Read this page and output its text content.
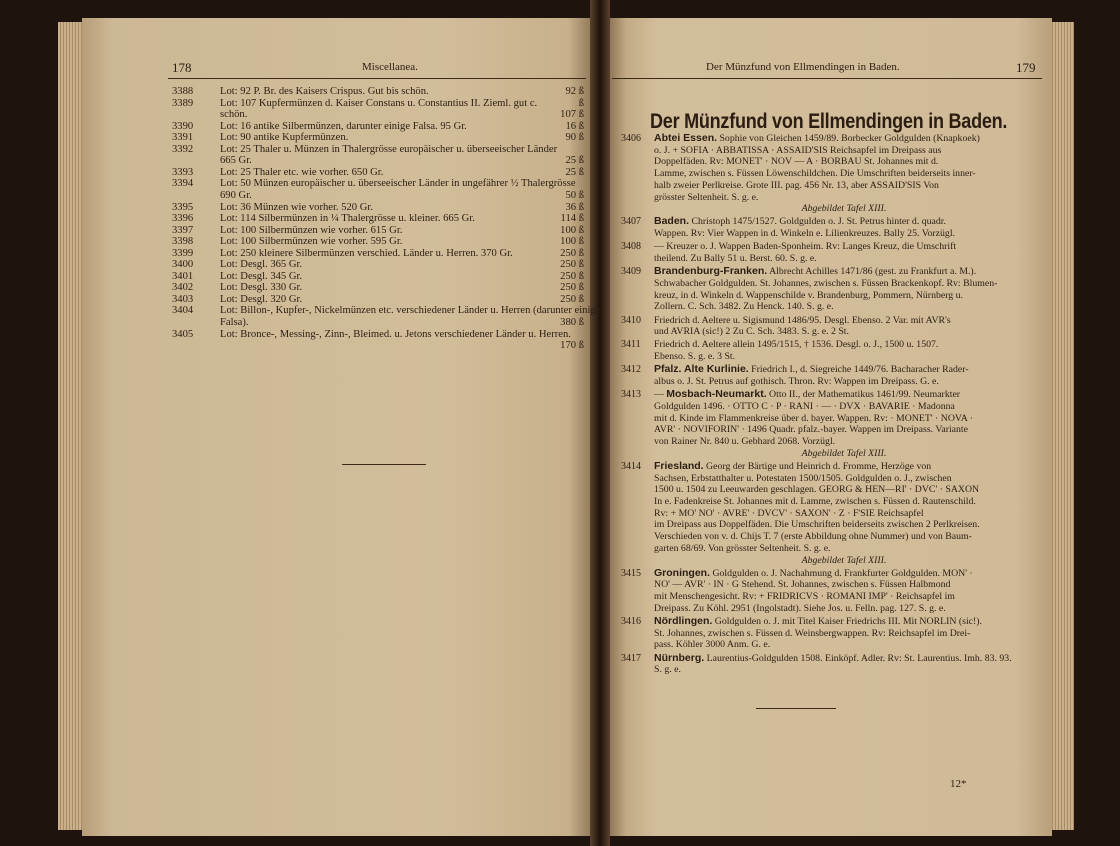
178	Miscellanea.
3388	Lot: 92 P. Br. des Kaisers Crispus. Gut bis schön.	92 ß
3389	Lot: 107 Kupfermünzen d. Kaiser Constans u. Constantius II. Zieml. gut c.	ß
schön.	107 ß
3390	Lot: 16 antike Silbermünzen, darunter einige Falsa. 95 Gr.	16 ß
3391	Lot: 90 antike Kupfermünzen.	90 ß
3392	Lot: 25 Thaler u. Münzen in Thalergrösse europäischer u. überseeischer Länder
665 Gr.	25 ß
3393	Lot: 25 Thaler etc. wie vorher. 650 Gr.	25 ß
3394	Lot: 50 Münzen europäischer u. überseeischer Länder in ungefährer ½ Thalergrösse
690 Gr.	50 ß
3395	Lot: 36 Münzen wie vorher. 520 Gr.	36 ß
3396	Lot: 114 Silbermünzen in ¼ Thalergrösse u. kleiner. 665 Gr.	114 ß
3397	Lot: 100 Silbermünzen wie vorher. 615 Gr.	100 ß
3398	Lot: 100 Silbermünzen wie vorher. 595 Gr.	100 ß
3399	Lot: 250 kleinere Silbermünzen verschied. Länder u. Herren. 370 Gr.	250 ß
3400	Lot: Desgl. 365 Gr.	250 ß
3401	Lot: Desgl. 345 Gr.	250 ß
3402	Lot: Desgl. 330 Gr.	250 ß
3403	Lot: Desgl. 320 Gr.	250 ß
3404	Lot: Billon-, Kupfer-, Nickelmünzen etc. verschiedener Länder u. Herren (darunter einige
Falsa).	380 ß
3405	Lot: Bronce-, Messing-, Zinn-, Bleimed. u. Jetons verschiedener Länder u. Herren.
170 ß
Der Münzfund von Ellmendingen in Baden.	179
Der Münzfund von Ellmendingen in Baden.
3406 Abtei Essen. Sophie von Gleichen 1459/89. Borbecker Goldgulden (Knapkoek)
o. J. + SOFIA · ABBATISSA · ASSAID'SIS Reichsapfel im Dreipass aus
Doppelfäden. Rv: MONET' · NOV — A · BORBAU St. Johannes mit d.
Lamme, zwischen s. Füssen Löwenschildchen. Die Umschriften beiderseits inner-
halb zweier Perlkreise. Grote III. pag. 456 Nr. 13, aber ASSAID'SIS Von
grösster Seltenheit. S. g. e.
Abgebildet Tafel XIII.
3407 Baden. Christoph 1475/1527. Goldgulden o. J. St. Petrus hinter d. quadr.
Wappen. Rv: Vier Wappen in d. Winkeln e. Lilienkreuzes. Bally 25. Vorzügl.
3408 — Kreuzer o. J. Wappen Baden-Sponheim. Rv: Langes Kreuz, die Umschrift
theilend. Zu Bally 51 u. Berst. 60. S. g. e.
3409 Brandenburg-Franken. Albrecht Achilles 1471/86 (gest. zu Frankfurt a. M.).
Schwabacher Goldgulden. St. Johannes, zwischen s. Füssen Brackenkopf. Rv: Blumen-
kreuz, in d. Winkeln d. Wappenschilde v. Brandenburg, Pommern, Nürnberg u.
Zollern. C. Sch. 3482. Zu Henck. 140. S. g. e.
3410 Friedrich d. Aeltere u. Sigismund 1486/95. Desgl. Ebenso. 2 Var. mit AVR's
und AVRIA (sic!) 2 Zu C. Sch. 3483. S. g. e. 2 St.
3411 Friedrich d. Aeltere allein 1495/1515, † 1536. Desgl. o. J., 1500 u. 1507.
Ebenso. S. g. e. 3 St.
3412 Pfalz. Alte Kurlinie. Friedrich I., d. Siegreiche 1449/76. Bacharacher Rader-
albus o. J. St. Petrus auf gothisch. Thron. Rv: Wappen im Dreipass. G. e.
3413 — Mosbach-Neumarkt. Otto II., der Mathematikus 1461/99. Neumarkter
Goldgulden 1496. · OTTO C · P · RANI · — · DVX · BAVARIE · Madonna
mit d. Kinde im Flammenkreise über d. bayer. Wappen. Rv: · MONET' · NOVA ·
AVR' · NOVIFORIN' · 1496 Quadr. pfalz.-bayer. Wappen im Dreipass. Variante
von Rainer Nr. 840 u. Gebhard 2068. Vorzügl.
Abgebildet Tafel XIII.
3414 Friesland. Georg der Bärtige und Heinrich d. Fromme, Herzöge von
Sachsen, Erbstatthalter u. Potestaten 1500/1505. Goldgulden o. J., zwischen
1500 u. 1504 zu Leeuwarden geschlagen. GEORG & HEN—RI' · DVC' · SAXON
In e. Fadenkreise St. Johannes mit d. Lamme, zwischen s. Füssen d. Rautenschild.
Rv: + MO' NO' · AVRE' · DVCV' · SAXON' · Z · F'SIE Reichsapfel
im Dreipass aus Doppelfäden. Die Umschriften beiderseits zwischen 2 Perlkreisen.
Verschieden von v. d. Chijs T. 7 (erste Abbildung ohne Nummer) und von Baum-
garten 68/69. Von grösster Seltenheit. S. g. e.
Abgebildet Tafel XIII.
3415 Groningen. Goldgulden o. J. Nachahmung d. Frankfurter Goldgulden. MON' ·
NO' — AVR' · IN · G Stehend. St. Johannes, zwischen s. Füssen Halbmond
mit Menschengesicht. Rv: + FRIDRICVS · ROMANI IMP' · Reichsapfel im
Dreipass. Zu Köhl. 2951 (Ingolstadt). Siehe Jos. u. Felln. pag. 127. S. g. e.
3416 Nördlingen. Goldgulden o. J. mit Titel Kaiser Friedrichs III. Mit NORLIN (sic!).
St. Johannes, zwischen s. Füssen d. Weinsbergwappen. Rv: Reichsapfel im Drei-
pass. Köhler 3000 Anm. G. e.
3417 Nürnberg. Laurentius-Goldgulden 1508. Einköpf. Adler. Rv: St. Laurentius. Imh. 83. 93.
S. g. e.
12*
